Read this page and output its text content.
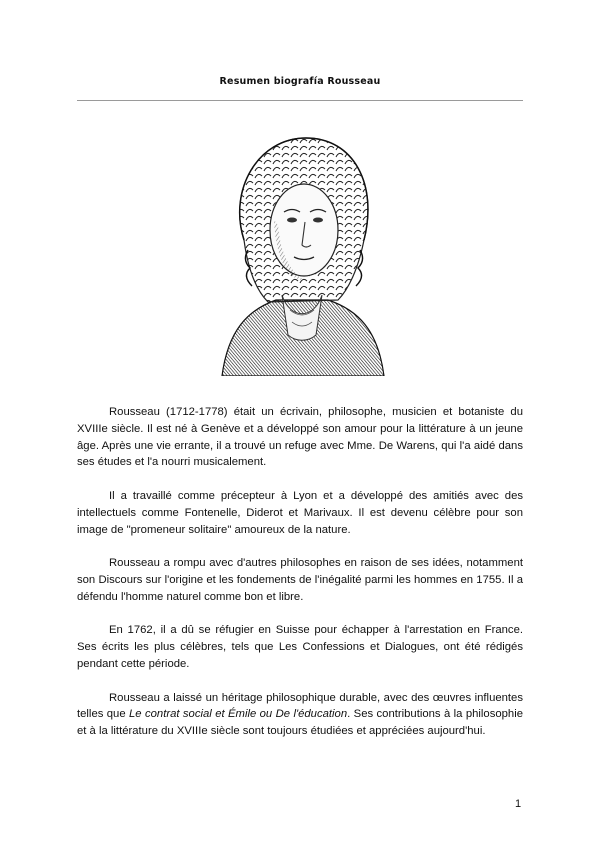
Resumen biografía Rousseau

Rousseau (1712-1778) était un écrivain, philosophe, musicien et botaniste du XVIIIe siècle. Il est né à Genève et a développé son amour pour la littérature à un jeune âge. Après une vie errante, il a trouvé un refuge avec Mme. De Warens, qui l'a aidé dans ses études et l'a nourri musicalement.

Il a travaillé comme précepteur à Lyon et a développé des amitiés avec des intellectuels comme Fontenelle, Diderot et Marivaux. Il est devenu célèbre pour son image de "promeneur solitaire" amoureux de la nature.

Rousseau a rompu avec d'autres philosophes en raison de ses idées, notamment son Discours sur l'origine et les fondements de l'inégalité parmi les hommes en 1755. Il a défendu l'homme naturel comme bon et libre.

En 1762, il a dû se réfugier en Suisse pour échapper à l'arrestation en France. Ses écrits les plus célèbres, tels que Les Confessions et Dialogues, ont été rédigés pendant cette période.

Rousseau a laissé un héritage philosophique durable, avec des œuvres influentes telles que Le contrat social et Émile ou De l'éducation. Ses contributions à la philosophie et à la littérature du XVIIIe siècle sont toujours étudiées et appréciées aujourd'hui.

1
